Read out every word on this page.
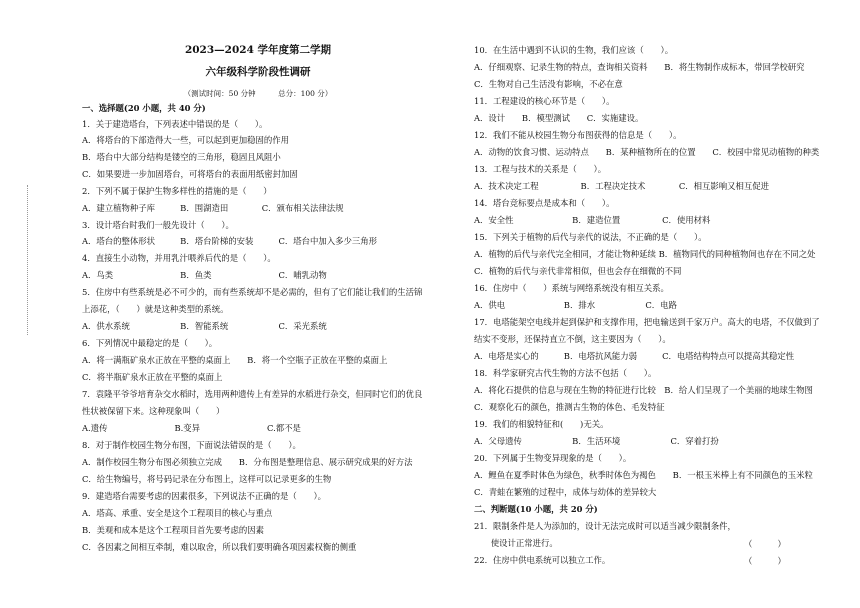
2023—2024 学年度第二学期
六年级科学阶段性调研
（测试时间：50 分钟　　　总分：100 分）
一、选择题(20 小题，共 40 分)
1．关于建造塔台，下列表述中错误的是（　　）。
A．将塔台的下部造得大一些，可以起到更加稳固的作用
B．塔台中大部分结构是镂空的三角形，稳固且风阻小
C．如果要进一步加固塔台，可将塔台的表面用纸密封加固
2．下列不属于保护生物多样性的措施的是（　　）
A．建立植物种子库　　　B．围湖造田　　　　C．颁布相关法律法规
3．设计塔台时我们一般先设计（　　）。
A．塔台的整体形状　　　B．塔台阶梯的安装　　　C．塔台中加入多少三角形
4．直接生小动物，并用乳汁喂养后代的是（　　）。
A．鸟类　　　　　　　　B．鱼类　　　　　　　　C．哺乳动物
5．住房中有些系统是必不可少的，而有些系统却不是必需的，但有了它们能让我们的生活锦
上添花，（　　）就是这种类型的系统。
A．供水系统　　　　　　B．智能系统　　　　　　C．采光系统
6．下列情况中最稳定的是（　　）。
A．将一满瓶矿泉水正放在平整的桌面上　　B．将一个空瓶子正放在平整的桌面上
C．将半瓶矿泉水正放在平整的桌面上
7．袁隆平爷爷培育杂交水稻时，选用两种遗传上有差异的水稻进行杂交，但同时它们的优良
性状被保留下来。这种现象叫（　　）
A.遗传　　　　　　　　B.变异　　　　　　　　C.都不是
8．对于制作校园生物分布图，下面说法错误的是（　　）。
A．制作校园生物分布图必须独立完成　　B．分布图是整理信息、展示研究成果的好方法
C．给生物编号，将号码记录在分布图上，这样可以记录更多的生物
9．建造塔台需要考虑的因素很多，下列说法不正确的是（　　）。
A．塔高、承重、安全是这个工程项目的核心与重点
B．美观和成本是这个工程项目首先要考虑的因素
C．各因素之间相互牵制，难以取舍，所以我们要明确各项因素权衡的侧重
10．在生活中遇到不认识的生物，我们应该（　　）。
A．仔细观察、记录生物的特点，查询相关资料　　B．将生物制作成标本，带回学校研究
C．生物对自己生活没有影响，不必在意
11．工程建设的核心环节是（　　）。
A．设计　　B．模型测试　　C．实施建设。
12．我们不能从校园生物分布图获得的信息是（　　）。
A．动物的饮食习惯、运动特点　　B．某种植物所在的位置　　C．校园中常见动植物的种类
13．工程与技术的关系是（　　）。
A．技术决定工程　　　　　B．工程决定技术　　　　C．相互影响又相互促进
14．塔台竞标要点是成本和（　　）。
A．安全性　　　　　　　B．建造位置　　　　　C．使用材料
15．下列关于植物的后代与亲代的说法，不正确的是（　　）。
A．植物的后代与亲代完全相同，才能让物种延续 B．植物同代的同种植物间也存在不同之处
C．植物的后代与亲代非常相似，但也会存在细微的不同
16．住房中（　　）系统与网络系统没有相互关系。
A．供电　　　　　　　B．排水　　　　　　C．电路
17．电塔能架空电线并起到保护和支撑作用，把电输送到千家万户。高大的电塔，不仅做到了
结实不变形，还保持直立不倒，这主要因为（　　）。
A．电塔是实心的　　　B．电塔抗风能力弱　　　C．电塔结构特点可以提高其稳定性
18．科学家研究古代生物的方法不包括（　　）。
A．将化石提供的信息与现在生物的特征进行比较　B．给人们呈现了一个美丽的地球生物图
C．观察化石的颜色，推测古生物的体色、毛发特征
19．我们的相貌特征和(　　)无关。
A．父母遗传　　　　　　B．生活环境　　　　　　C．穿着打扮
20．下列属于生物变异现象的是（　　）。
A．鲤鱼在夏季时体色为绿色，秋季时体色为褐色　　B．一根玉米棒上有不同颜色的玉米粒
C．青蛙在繁殖的过程中，成体与幼体的差异较大
二、判断题(10 小题，共 20 分)
21．限制条件是人为添加的，设计无法完成时可以适当减少限制条件，
　　使设计正常进行。
22．住房中供电系统可以独立工作。
（　　　）
（　　　）
